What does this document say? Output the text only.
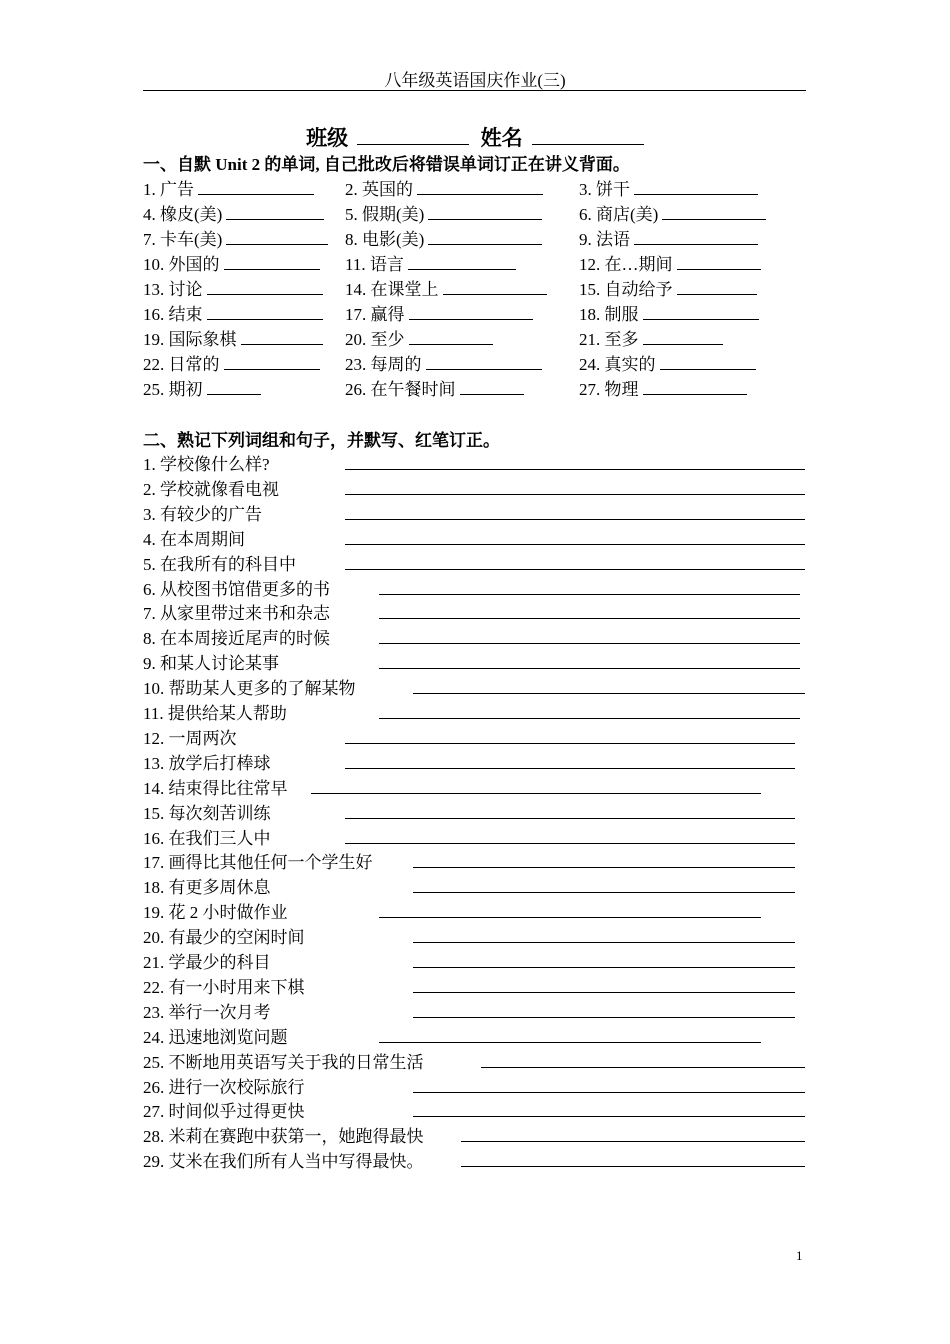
八年级英语国庆作业(三)
班级	姓名
一、自默 Unit 2 的单词, 自己批改后将错误单词订正在讲义背面。
1. 广告	2. 英国的	3. 饼干
4. 橡皮(美)	5. 假期(美)	6. 商店(美)
7. 卡车(美)	8. 电影(美)	9. 法语
10. 外国的	11. 语言	12. 在…期间
13. 讨论	14. 在课堂上	15. 自动给予
16. 结束	17. 赢得	18. 制服
19. 国际象棋	20. 至少	21. 至多
22. 日常的	23. 每周的	24. 真实的
25. 期初	26. 在午餐时间	27. 物理
二、熟记下列词组和句子，并默写、红笔订正。
1. 学校像什么样?
2. 学校就像看电视
3. 有较少的广告
4. 在本周期间
5. 在我所有的科目中
6. 从校图书馆借更多的书
7. 从家里带过来书和杂志
8. 在本周接近尾声的时候
9. 和某人讨论某事
10. 帮助某人更多的了解某物
11. 提供给某人帮助
12. 一周两次
13. 放学后打棒球
14. 结束得比往常早
15. 每次刻苦训练
16. 在我们三人中
17. 画得比其他任何一个学生好
18. 有更多周休息
19. 花 2 小时做作业
20. 有最少的空闲时间
21. 学最少的科目
22. 有一小时用来下棋
23. 举行一次月考
24. 迅速地浏览问题
25. 不断地用英语写关于我的日常生活
26. 进行一次校际旅行
27. 时间似乎过得更快
28. 米莉在赛跑中获第一，她跑得最快
29. 艾米在我们所有人当中写得最快。
1
